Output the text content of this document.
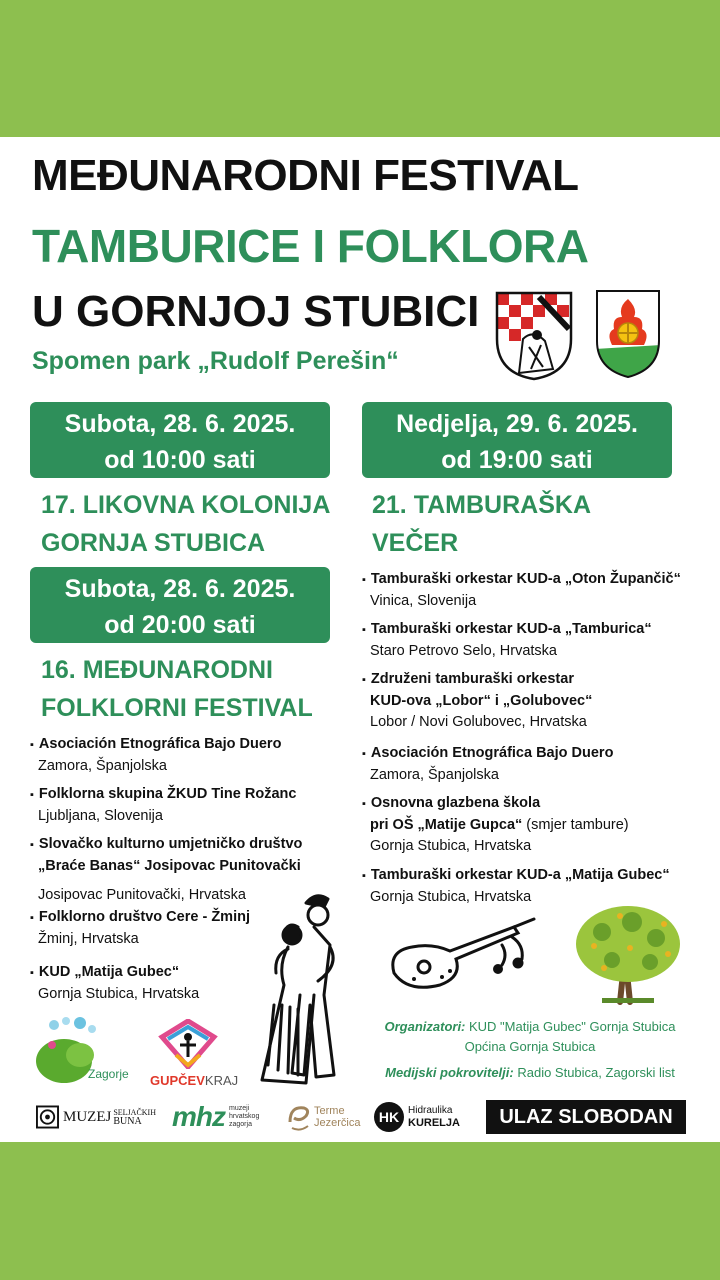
MEĐUNARODNI FESTIVAL
TAMBURICE I FOLKLORA
U GORNJOJ STUBICI
Spomen park „Rudolf Perešin“
Subota, 28. 6. 2025.
od 10:00 sati
17. LIKOVNA KOLONIJA
GORNJA STUBICA
Subota, 28. 6. 2025.
od 20:00 sati
16. MEĐUNARODNI
FOLKLORNI FESTIVAL
▪ Asociación Etnográfica Bajo Duero
Zamora, Španjolska
▪ Folklorna skupina ŽKUD Tine Rožanc
Ljubljana, Slovenija
▪ Slovačko kulturno umjetničko društvo
„Braće Banas“ Josipovac Punitovački
Josipovac Punitovački, Hrvatska
▪ Folklorno društvo Cere - Žminj
Žminj, Hrvatska
▪ KUD „Matija Gubec“
Gornja Stubica, Hrvatska
Nedjelja, 29. 6. 2025.
od 19:00 sati
21. TAMBURAŠKA
VEČER
▪ Tamburaški orkestar KUD-a „Oton Župančič“
Vinica, Slovenija
▪ Tamburaški orkestar KUD-a „Tamburica“
Staro Petrovo Selo, Hrvatska
▪ Združeni tamburaški orkestar
KUD-ova „Lobor“ i „Golubovec“
Lobor / Novi Golubovec, Hrvatska
▪ Asociación Etnográfica Bajo Duero
Zamora, Španjolska
▪ Osnovna glazbena škola
pri OŠ „Matije Gupca“ (smjer tambure)
Gornja Stubica, Hrvatska
▪ Tamburaški orkestar KUD-a „Matija Gubec“
Gornja Stubica, Hrvatska
Organizatori: KUD "Matija Gubec" Gornja Stubica
Općina Gornja Stubica
Medijski pokrovitelji: Radio Stubica, Zagorski list
Zagorje GUPČEVKRAJ
MUZEJ SELJAČKIH
BUNA	mhz muzeji
hrvatskog
zagorja
Terme
Jezerčica	HK Hidraulika
KURELJA	ULAZ SLOBODAN
